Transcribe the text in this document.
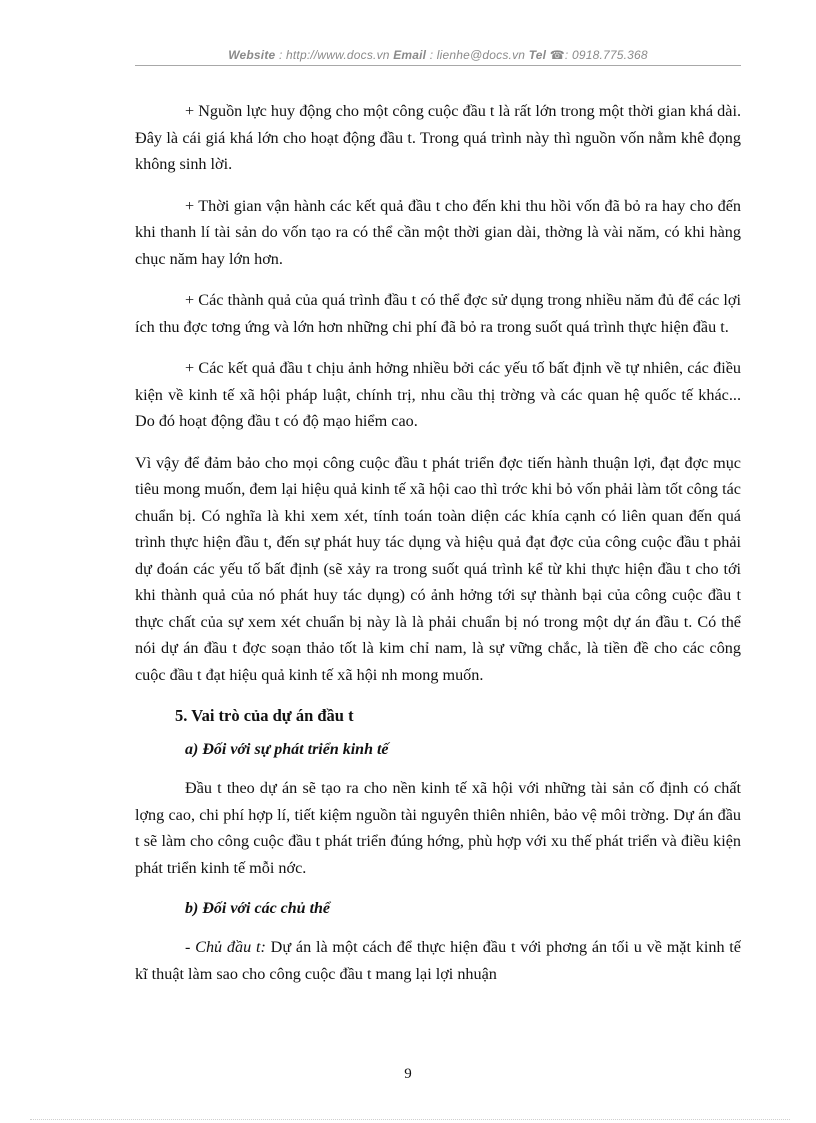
Website : http://www.docs.vn Email : lienhe@docs.vn Tel ☎: 0918.775.368

+ Nguồn lực huy động cho một công cuộc đầu t là rất lớn trong một thời gian khá dài. Đây là cái giá khá lớn cho hoạt động đầu t. Trong quá trình này thì nguồn vốn nằm khê đọng không sinh lời.

+ Thời gian vận hành các kết quả đầu t cho đến khi thu hồi vốn đã bỏ ra hay cho đến khi thanh lí tài sản do vốn tạo ra có thể cần một thời gian dài, thờng là vài năm, có khi hàng chục năm hay lớn hơn.

+ Các thành quả của quá trình đầu t có thể đợc sử dụng trong nhiều năm đủ để các lợi ích thu đợc tơng ứng và lớn hơn những chi phí đã bỏ ra trong suốt quá trình thực hiện đầu t.

+ Các kết quả đầu t chịu ảnh hởng nhiều bởi các yếu tố bất định về tự nhiên, các điều kiện về kinh tế xã hội pháp luật, chính trị, nhu cầu thị trờng và các quan hệ quốc tế khác... Do đó hoạt động đầu t có độ mạo hiểm cao.

Vì vậy để đảm bảo cho mọi công cuộc đầu t phát triển đợc tiến hành thuận lợi, đạt đợc mục tiêu mong muốn, đem lại hiệu quả kinh tế xã hội cao thì trớc khi bỏ vốn phải làm tốt công tác chuẩn bị. Có nghĩa là khi xem xét, tính toán toàn diện các khía cạnh có liên quan đến quá trình thực hiện đầu t, đến sự phát huy tác dụng và hiệu quả đạt đợc của công cuộc đầu t phải dự đoán các yếu tố bất định (sẽ xảy ra trong suốt quá trình kể từ khi thực hiện đầu t cho tới khi thành quả của nó phát huy tác dụng) có ảnh hởng tới sự thành bại của công cuộc đầu t thực chất của sự xem xét chuẩn bị này là là phải chuẩn bị nó trong một dự án đầu t. Có thể nói dự án đầu t đợc soạn thảo tốt là kim chỉ nam, là sự vững chắc, là tiền đề cho các công cuộc đầu t đạt hiệu quả kinh tế xã hội nh mong muốn.

5. Vai trò của dự án đầu t
a) Đối với sự phát triển kinh tế

Đầu t theo dự án sẽ tạo ra cho nền kinh tế xã hội với những tài sản cố định có chất lợng cao, chi phí hợp lí, tiết kiệm nguồn tài nguyên thiên nhiên, bảo vệ môi trờng. Dự án đầu t sẽ làm cho công cuộc đầu t phát triển đúng hớng, phù hợp với xu thế phát triển và điều kiện phát triển kinh tế mỗi nớc.

b) Đối với các chủ thể

- Chủ đầu t: Dự án là một cách để thực hiện đầu t với phơng án tối u về mặt kinh tế kĩ thuật làm sao cho công cuộc đầu t mang lại lợi nhuận

9
